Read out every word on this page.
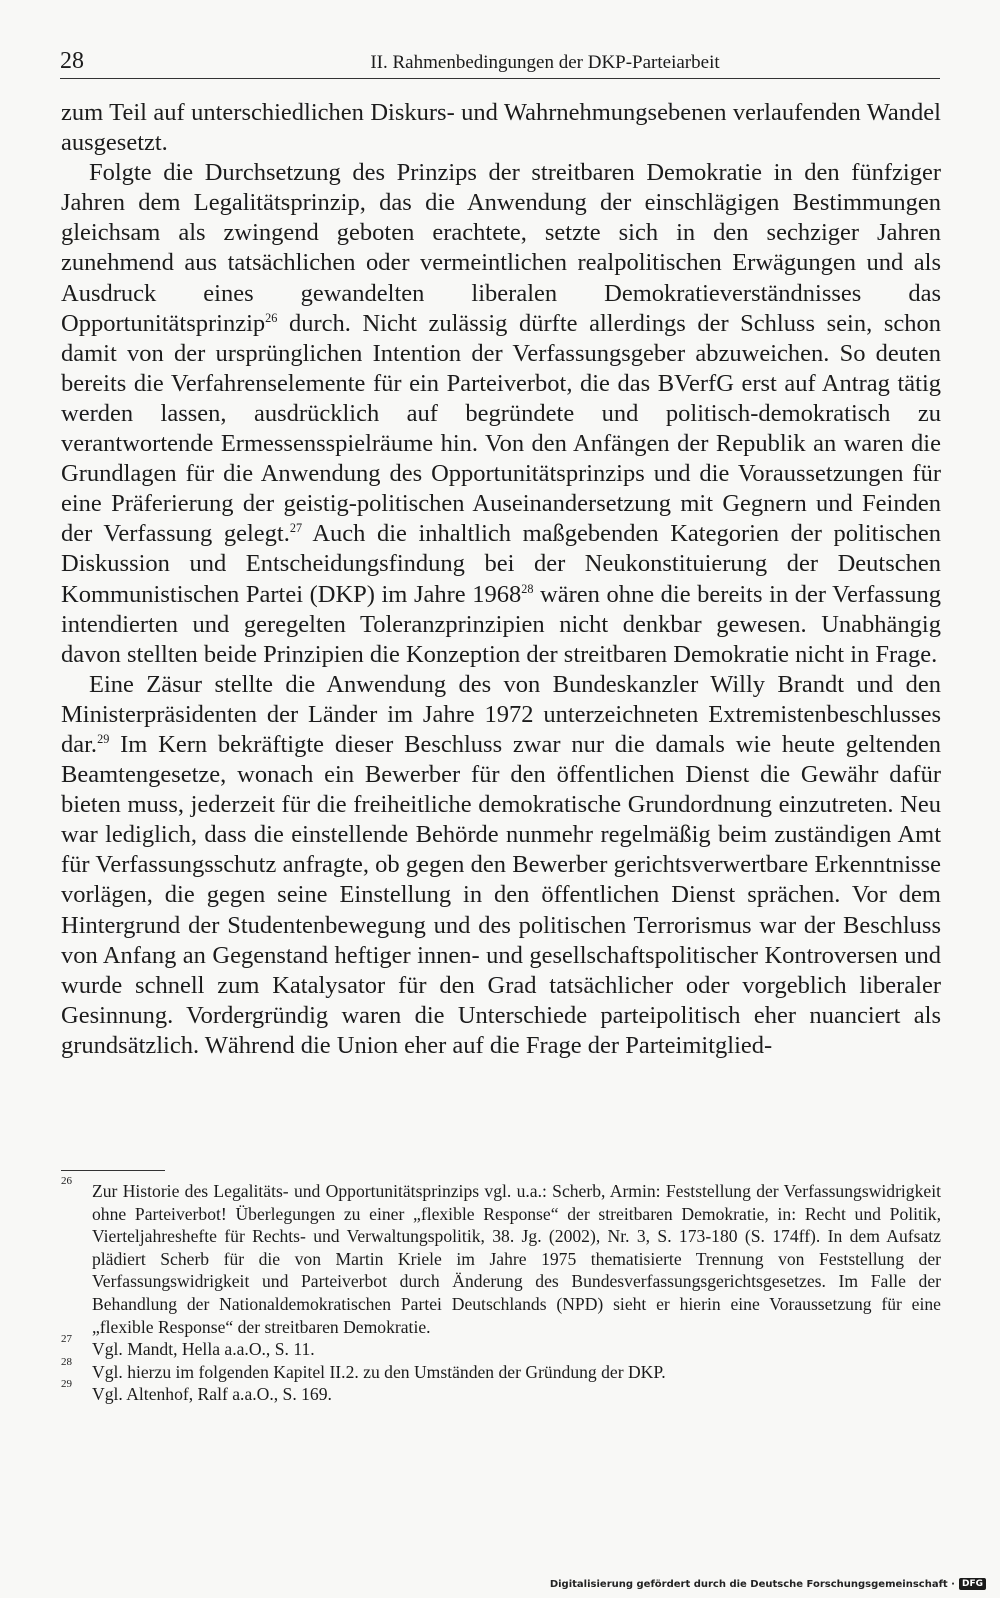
28	II. Rahmenbedingungen der DKP-Parteiarbeit

zum Teil auf unterschiedlichen Diskurs- und Wahrnehmungsebenen verlaufenden Wandel ausgesetzt.

Folgte die Durchsetzung des Prinzips der streitbaren Demokratie in den fünfziger Jahren dem Legalitätsprinzip, das die Anwendung der einschlägigen Bestimmungen gleichsam als zwingend geboten erachtete, setzte sich in den sechziger Jahren zunehmend aus tatsächlichen oder vermeintlichen realpolitischen Erwägungen und als Ausdruck eines gewandelten liberalen Demokratieverständnisses das Opportunitätsprinzip$^{26}$ durch. Nicht zulässig dürfte allerdings der Schluss sein, schon damit von der ursprünglichen Intention der Verfassungsgeber abzuweichen. So deuten bereits die Verfahrenselemente für ein Parteiverbot, die das BVerfG erst auf Antrag tätig werden lassen, ausdrücklich auf begründete und politisch-demokratisch zu verantwortende Ermessensspielräume hin. Von den Anfängen der Republik an waren die Grundlagen für die Anwendung des Opportunitätsprinzips und die Voraussetzungen für eine Präferierung der geistig-politischen Auseinandersetzung mit Gegnern und Feinden der Verfassung gelegt.$^{27}$ Auch die inhaltlich maßgebenden Kategorien der politischen Diskussion und Entscheidungsfindung bei der Neukonstituierung der Deutschen Kommunistischen Partei (DKP) im Jahre 1968$^{28}$ wären ohne die bereits in der Verfassung intendierten und geregelten Toleranzprinzipien nicht denkbar gewesen. Unabhängig davon stellten beide Prinzipien die Konzeption der streitbaren Demokratie nicht in Frage.

Eine Zäsur stellte die Anwendung des von Bundeskanzler Willy Brandt und den Ministerpräsidenten der Länder im Jahre 1972 unterzeichneten Extremistenbeschlusses dar.$^{29}$ Im Kern bekräftigte dieser Beschluss zwar nur die damals wie heute geltenden Beamtengesetze, wonach ein Bewerber für den öffentlichen Dienst die Gewähr dafür bieten muss, jederzeit für die freiheitliche demokratische Grundordnung einzutreten. Neu war lediglich, dass die einstellende Behörde nunmehr regelmäßig beim zuständigen Amt für Verfassungsschutz anfragte, ob gegen den Bewerber gerichtsverwertbare Erkenntnisse vorlägen, die gegen seine Einstellung in den öffentlichen Dienst sprächen. Vor dem Hintergrund der Studentenbewegung und des politischen Terrorismus war der Beschluss von Anfang an Gegenstand heftiger innen- und gesellschaftspolitischer Kontroversen und wurde schnell zum Katalysator für den Grad tatsächlicher oder vorgeblich liberaler Gesinnung. Vordergründig waren die Unterschiede parteipolitisch eher nuanciert als grundsätzlich. Während die Union eher auf die Frage der Parteimitglied-

26 Zur Historie des Legalitäts- und Opportunitätsprinzips vgl. u.a.: Scherb, Armin: Feststellung der Verfassungswidrigkeit ohne Parteiverbot! Überlegungen zu einer „flexible Response“ der streitbaren Demokratie, in: Recht und Politik, Vierteljahreshefte für Rechts- und Verwaltungspolitik, 38. Jg. (2002), Nr. 3, S. 173-180 (S. 174ff). In dem Aufsatz plädiert Scherb für die von Martin Kriele im Jahre 1975 thematisierte Trennung von Feststellung der Verfassungswidrigkeit und Parteiverbot durch Änderung des Bundesverfassungsgerichtsgesetzes. Im Falle der Behandlung der Nationaldemokratischen Partei Deutschlands (NPD) sieht er hierin eine Voraussetzung für eine „flexible Response“ der streitbaren Demokratie.

27 Vgl. Mandt, Hella a.a.O., S. 11.

28 Vgl. hierzu im folgenden Kapitel II.2. zu den Umständen der Gründung der DKP.

29 Vgl. Altenhof, Ralf a.a.O., S. 169.

Digitalisierung gefördert durch die Deutsche Forschungsgemeinschaft · DFG
